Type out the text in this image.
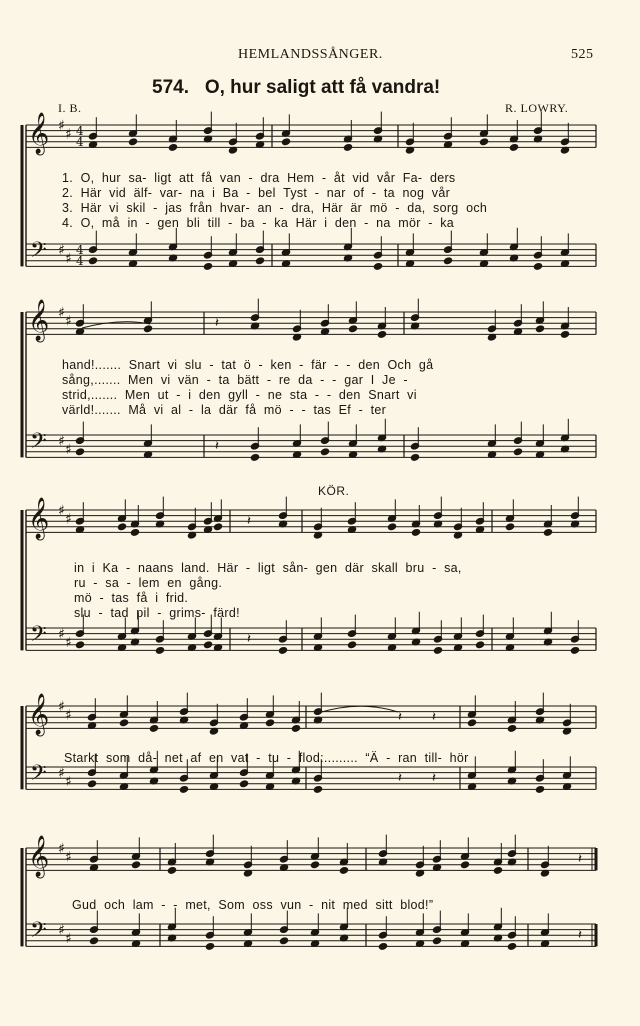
HEMLANDSSÅNGER.	525
574. O, hur saligt att få vandra!
I. B.	R. LOWRY.
𝄞
𝄢
♯
♯
♯
♯
4
4
4
4
𝄞
𝄢
♯
♯
♯
♯
𝄽
𝄽
𝄞
𝄢
♯
♯
♯
♯
𝄽
𝄽
𝄞
𝄢
♯
♯
♯
♯
𝄽
𝄽
𝄽
𝄽
𝄞
𝄢
♯
♯
♯
♯
𝄽
𝄽
1. O, hur sa- ligt att få van - dra Hem - åt vid vår Fa- ders
2. Här vid älf- var- na i Ba - bel Tyst - nar of - ta nog vår
3. Här vi skil - jas från hvar- an - dra, Här är mö - da, sorg och
4. O, må in - gen bli till - ba - ka Här i den - na mör - ka
hand!....... Snart vi slu - tat ö - ken - fär - - den Och gå
sång,....... Men vi vän - ta bätt - re da - - gar I Je -
strid,....... Men ut - i den gyll - ne sta - - den Snart vi
värld!....... Må vi al - la där få mö - - tas Ef - ter
KÖR.
in i Ka - naans land. Här - ligt sån- gen där skall bru - sa,
ru - sa - lem en gång.
mö - tas få i frid.
slu - tad pil - grims- färd!
Starkt som då- net af en vat - tu - flod:......... “Ä - ran till- hör
Gud och lam - - met, Som oss vun - nit med sitt blod!”
